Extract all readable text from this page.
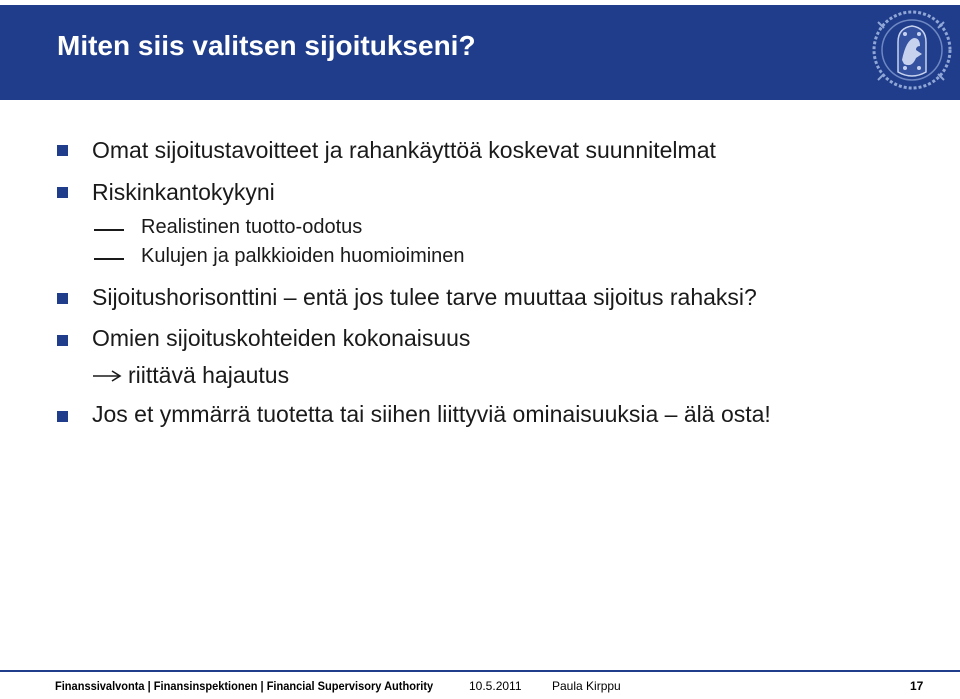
Miten siis valitsen sijoitukseni?
Omat sijoitustavoitteet ja rahankäyttöä koskevat suunnitelmat
Riskinkantokykyni
Realistinen tuotto-odotus
Kulujen ja palkkioiden huomioiminen
Sijoitushorisonttini – entä jos tulee tarve muuttaa sijoitus rahaksi?
Omien sijoituskohteiden kokonaisuus
riittävä hajautus
Jos et ymmärrä tuotetta tai siihen liittyviä ominaisuuksia – älä osta!
Finanssivalvonta | Finansinspektionen | Financial Supervisory Authority	10.5.2011	Paula Kirppu	17
